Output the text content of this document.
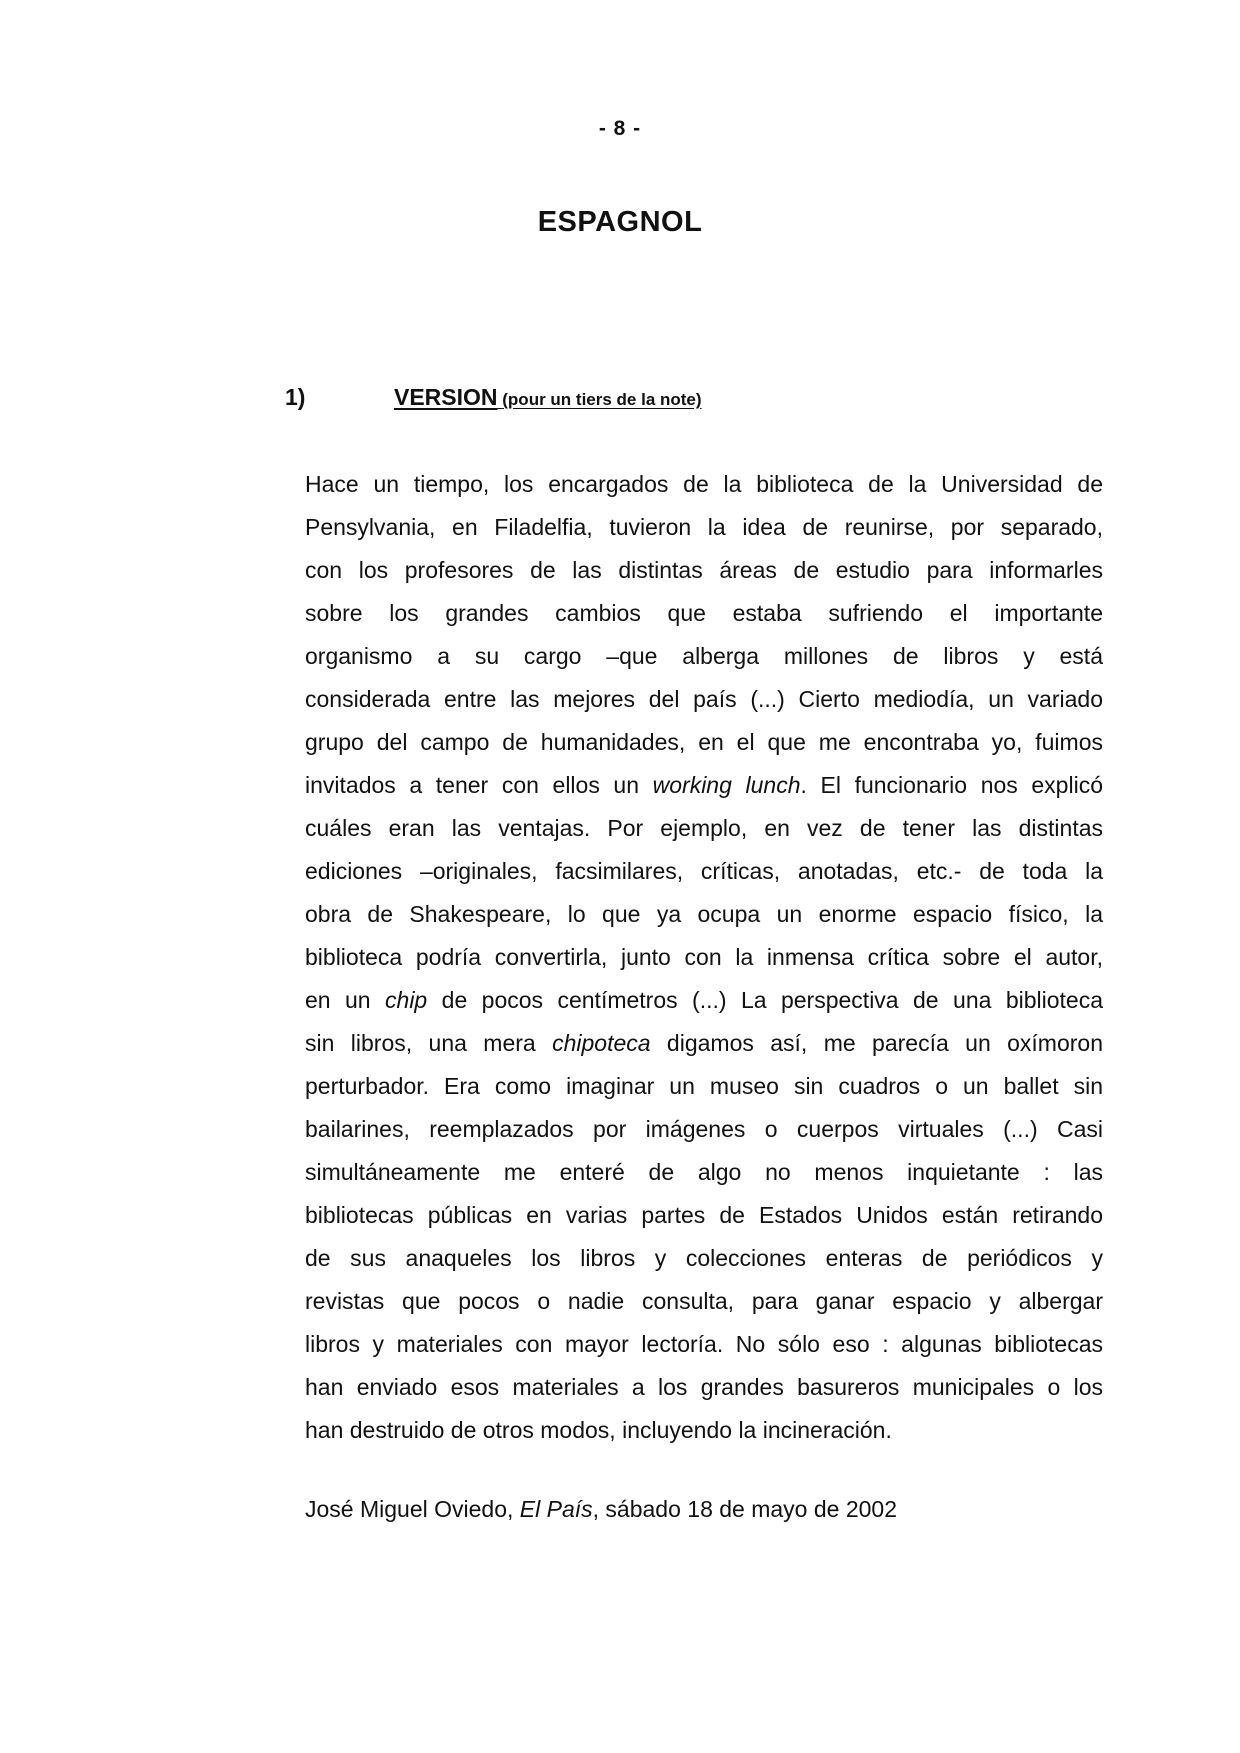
- 8 -
ESPAGNOL
1)	VERSION (pour un tiers de la note)
Hace un tiempo, los encargados de la biblioteca de la Universidad de
Pensylvania, en Filadelfia, tuvieron la idea de reunirse, por separado,
con los profesores de las distintas áreas de estudio para informarles
sobre los grandes cambios que estaba sufriendo el importante
organismo a su cargo –que alberga millones de libros y está
considerada entre las mejores del país (...) Cierto mediodía, un variado
grupo del campo de humanidades, en el que me encontraba yo, fuimos
invitados a tener con ellos un working lunch. El funcionario nos explicó
cuáles eran las ventajas. Por ejemplo, en vez de tener las distintas
ediciones –originales, facsimilares, críticas, anotadas, etc.- de toda la
obra de Shakespeare, lo que ya ocupa un enorme espacio físico, la
biblioteca podría convertirla, junto con la inmensa crítica sobre el autor,
en un chip de pocos centímetros (...) La perspectiva de una biblioteca
sin libros, una mera chipoteca digamos así, me parecía un oxímoron
perturbador. Era como imaginar un museo sin cuadros o un ballet sin
bailarines, reemplazados por imágenes o cuerpos virtuales (...) Casi
simultáneamente me enteré de algo no menos inquietante : las
bibliotecas públicas en varias partes de Estados Unidos están retirando
de sus anaqueles los libros y colecciones enteras de periódicos y
revistas que pocos o nadie consulta, para ganar espacio y albergar
libros y materiales con mayor lectoría. No sólo eso : algunas bibliotecas
han enviado esos materiales a los grandes basureros municipales o los
han destruido de otros modos, incluyendo la incineración.
José Miguel Oviedo, El País, sábado 18 de mayo de 2002
